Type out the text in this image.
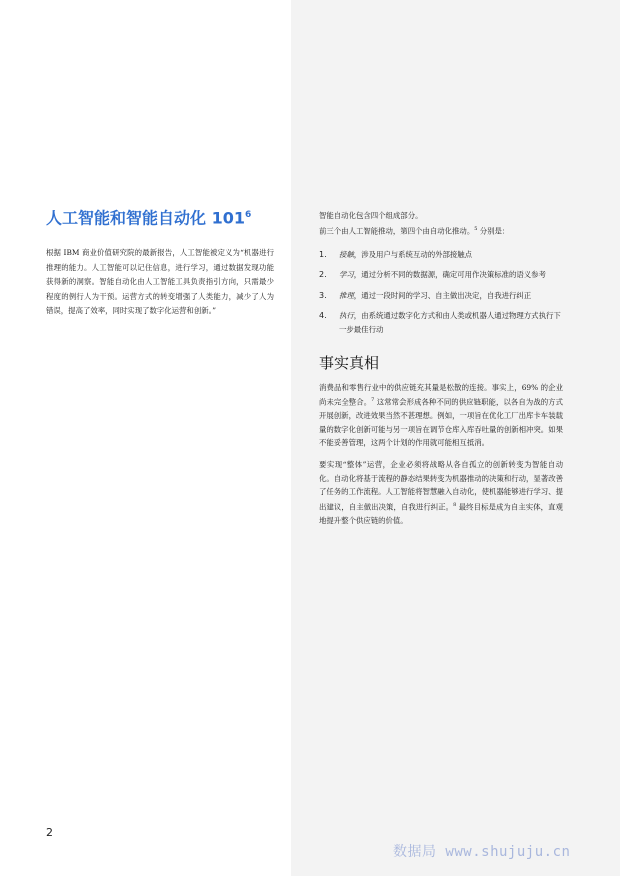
人工智能和智能自动化 $101^6$

根据 IBM 商业价值研究院的最新报告，人工智能被定义为“机器进行推理的能力。人工智能可以记住信息，进行学习，通过数据发现功能获得新的洞察。智能自动化由人工智能工具负责指引方向，只需最少程度的例行人为干预。运营方式的转变增强了人类能力，减少了人为错误，提高了效率，同时实现了数字化运营和创新。”

智能自动化包含四个组成部分。
前三个由人工智能推动，第四个由自动化推动。$^5$ 分别是：

1. 接触，涉及用户与系统互动的外部接触点
2. 学习，通过分析不同的数据源，确定可用作决策标准的语义参考
3. 推理，通过一段时间的学习、自主做出决定，自我进行纠正
4. 执行，由系统通过数字化方式和由人类或机器人通过物理方式执行下一步最佳行动
事实真相

消费品和零售行业中的供应链充其量是松散的连接。事实上，69% 的企业尚未完全整合。$^7$ 这常常会形成各种不同的供应链职能，以各自为战的方式开展创新，改进效果当然不甚理想。例如，一项旨在优化工厂出库卡车装载量的数字化创新可能与另一项旨在调节仓库入库吞吐量的创新相冲突。如果不能妥善管理，这两个计划的作用就可能相互抵消。

要实现“整体”运营，企业必须将战略从各自孤立的创新转变为智能自动化。自动化将基于流程的静态结果转变为机器推动的决策和行动，显著改善了任务的工作流程。人工智能将智慧融入自动化，使机器能够进行学习、提出建议，自主做出决策，自我进行纠正。$^8$ 最终目标是成为自主实体，直观地提升整个供应链的价值。

2
数据局 www.shujuju.cn
